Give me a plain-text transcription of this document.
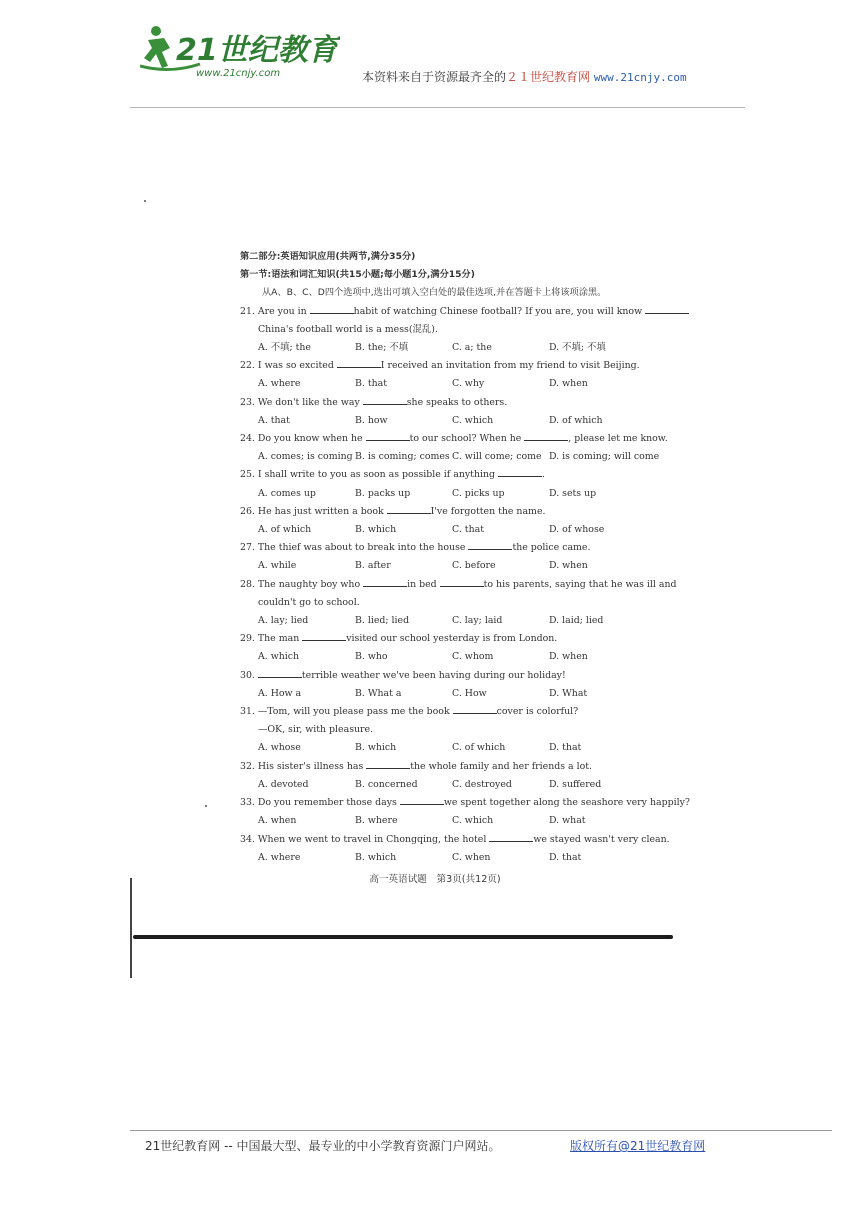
21世纪教育
www.21cnjy.com	本资料来自于资源最齐全的２１世纪教育网 www.21cnjy.com
第二部分:英语知识应用(共两节,满分35分)
第一节:语法和词汇知识(共15小题;每小题1分,满分15分)
从A、B、C、D四个选项中,选出可填入空白处的最佳选项,并在答题卡上将该项涂黑。
21. Are you in	habit of watching Chinese football? If you are, you will know
China's football world is a mess(混乱).
A. 不填; the	B. the; 不填	C. a; the	D. 不填; 不填
22. I was so excited	I received an invitation from my friend to visit Beijing.
A. where	B. that	C. why	D. when
23. We don't like the way	she speaks to others.
A. that	B. how	C. which	D. of which
24. Do you know when he	to our school? When he	, please let me know.
A. comes; is coming B. is coming; comes C. will come; come D. is coming; will come
25. I shall write to you as soon as possible if anything	.
A. comes up	B. packs up	C. picks up	D. sets up
26. He has just written a book	I've forgotten the name.
A. of which	B. which	C. that	D. of whose
27. The thief was about to break into the house	the police came.
A. while	B. after	C. before	D. when
28. The naughty boy who	in bed	to his parents, saying that he was ill and
couldn't go to school.
A. lay; lied	B. lied; lied	C. lay; laid	D. laid; lied
29. The man	visited our school yesterday is from London.
A. which	B. who	C. whom	D. when
30.	terrible weather we've been having during our holiday!
A. How a	B. What a	C. How	D. What
31. —Tom, will you please pass me the book	cover is colorful?
—OK, sir, with pleasure.
A. whose	B. which	C. of which	D. that
32. His sister's illness has	the whole family and her friends a lot.
A. devoted	B. concerned	C. destroyed	D. suffered
33. Do you remember those days	we spent together along the seashore very happily?
A. when	B. where	C. which	D. what
34. When we went to travel in Chongqing, the hotel	we stayed wasn't very clean.
A. where	B. which	C. when	D. that
高一英语试题　第3页(共12页)
21世纪教育网 -- 中国最大型、最专业的中小学教育资源门户网站。	版权所有@21世纪教育网
